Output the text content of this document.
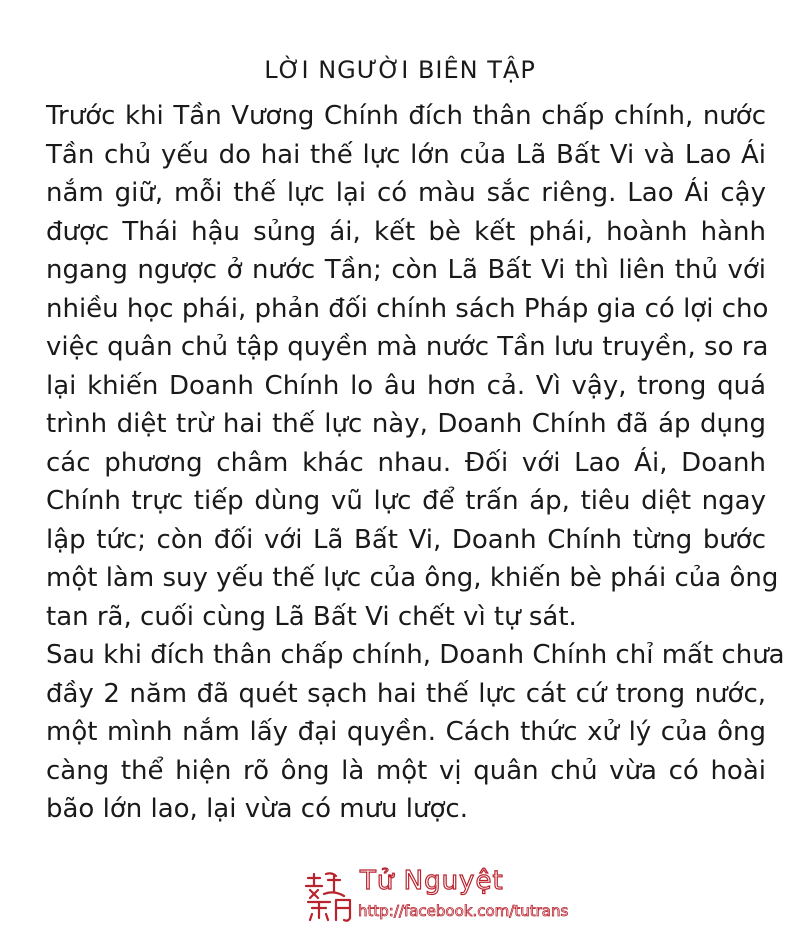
LỜI NGƯỜI BIÊN TẬP
Trước khi Tần Vương Chính đích thân chấp chính, nước
Tần chủ yếu do hai thế lực lớn của Lã Bất Vi và Lao Ái
nắm giữ, mỗi thế lực lại có màu sắc riêng. Lao Ái cậy
được Thái hậu sủng ái, kết bè kết phái, hoành hành
ngang ngược ở nước Tần; còn Lã Bất Vi thì liên thủ với
nhiều học phái, phản đối chính sách Pháp gia có lợi cho
việc quân chủ tập quyền mà nước Tần lưu truyền, so ra
lại khiến Doanh Chính lo âu hơn cả. Vì vậy, trong quá
trình diệt trừ hai thế lực này, Doanh Chính đã áp dụng
các phương châm khác nhau. Đối với Lao Ái, Doanh
Chính trực tiếp dùng vũ lực để trấn áp, tiêu diệt ngay
lập tức; còn đối với Lã Bất Vi, Doanh Chính từng bước
một làm suy yếu thế lực của ông, khiến bè phái của ông
tan rã, cuối cùng Lã Bất Vi chết vì tự sát.
Sau khi đích thân chấp chính, Doanh Chính chỉ mất chưa
đầy 2 năm đã quét sạch hai thế lực cát cứ trong nước,
một mình nắm lấy đại quyền. Cách thức xử lý của ông
càng thể hiện rõ ông là một vị quân chủ vừa có hoài
bão lớn lao, lại vừa có mưu lược.
Tử Nguyệt
http://facebook.com/tutrans
